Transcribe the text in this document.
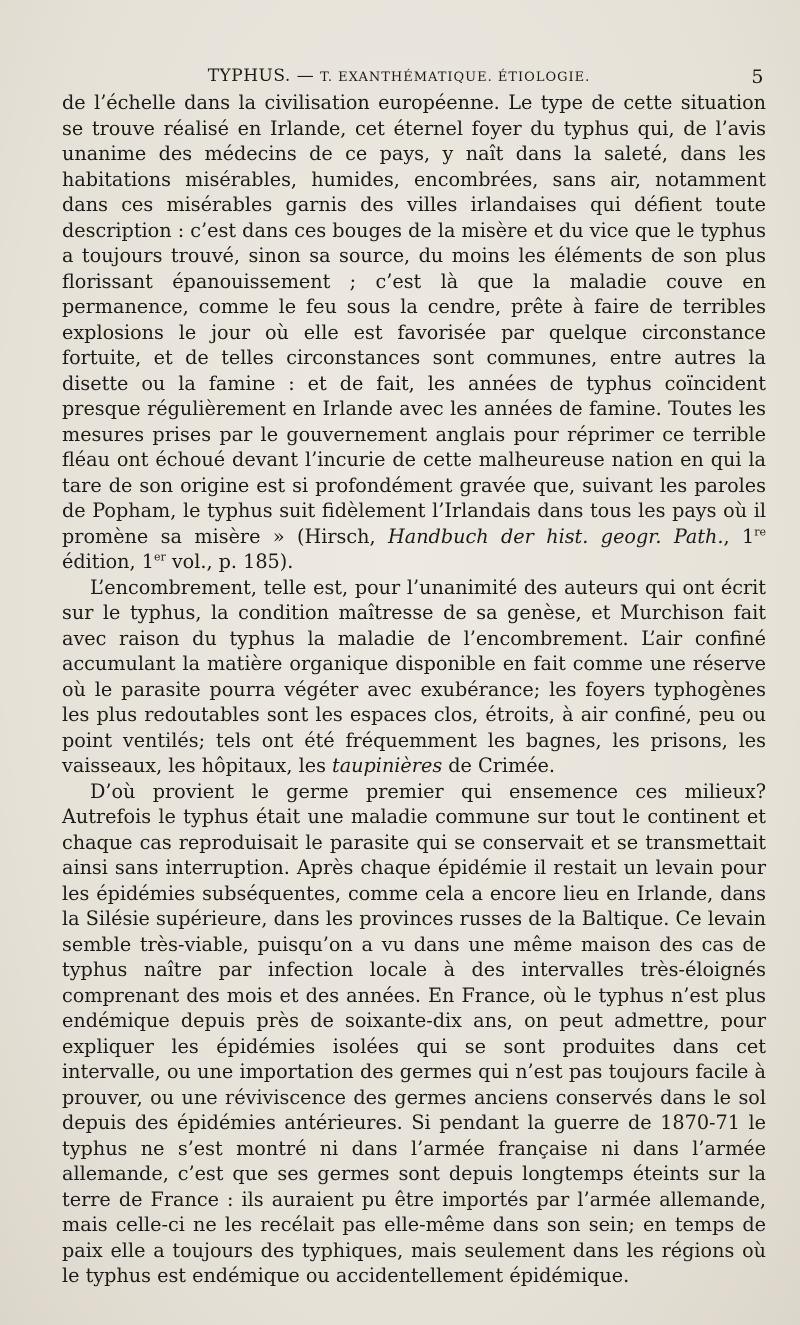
TYPHUS. — T. EXANTHÉMATIQUE. ÉTIOLOGIE.	5

de l’échelle dans la civilisation européenne. Le type de cette situation se trouve réalisé en Irlande, cet éternel foyer du typhus qui, de l’avis unanime des médecins de ce pays, y naît dans la saleté, dans les habitations misérables, humides, encombrées, sans air, notamment dans ces misérables garnis des villes irlandaises qui défient toute description : c’est dans ces bouges de la misère et du vice que le typhus a toujours trouvé, sinon sa source, du moins les éléments de son plus florissant épanouissement ; c’est là que la maladie couve en permanence, comme le feu sous la cendre, prête à faire de terribles explosions le jour où elle est favorisée par quelque circonstance fortuite, et de telles circonstances sont communes, entre autres la disette ou la famine : et de fait, les années de typhus coïncident presque régulièrement en Irlande avec les années de famine. Toutes les mesures prises par le gouvernement anglais pour réprimer ce terrible fléau ont échoué devant l’incurie de cette malheureuse nation en qui la tare de son origine est si profondément gravée que, suivant les paroles de Popham, le typhus suit fidèlement l’Irlandais dans tous les pays où il promène sa misère » (Hirsch, Handbuch der hist. geogr. Path., 1re édition, 1er vol., p. 185).

L’encombrement, telle est, pour l’unanimité des auteurs qui ont écrit sur le typhus, la condition maîtresse de sa genèse, et Murchison fait avec raison du typhus la maladie de l’encombrement. L’air confiné accumulant la matière organique disponible en fait comme une réserve où le parasite pourra végéter avec exubérance; les foyers typhogènes les plus redoutables sont les espaces clos, étroits, à air confiné, peu ou point ventilés; tels ont été fréquemment les bagnes, les prisons, les vaisseaux, les hôpitaux, les taupinières de Crimée.

D’où provient le germe premier qui ensemence ces milieux? Autrefois le typhus était une maladie commune sur tout le continent et chaque cas reproduisait le parasite qui se conservait et se transmettait ainsi sans interruption. Après chaque épidémie il restait un levain pour les épidémies subséquentes, comme cela a encore lieu en Irlande, dans la Silésie supérieure, dans les provinces russes de la Baltique. Ce levain semble très-viable, puisqu’on a vu dans une même maison des cas de typhus naître par infection locale à des intervalles très-éloignés comprenant des mois et des années. En France, où le typhus n’est plus endémique depuis près de soixante-dix ans, on peut admettre, pour expliquer les épidémies isolées qui se sont produites dans cet intervalle, ou une importation des germes qui n’est pas toujours facile à prouver, ou une réviviscence des germes anciens conservés dans le sol depuis des épidémies antérieures. Si pendant la guerre de 1870-71 le typhus ne s’est montré ni dans l’armée française ni dans l’armée allemande, c’est que ses germes sont depuis longtemps éteints sur la terre de France : ils auraient pu être importés par l’armée allemande, mais celle-ci ne les recélait pas elle-même dans son sein; en temps de paix elle a toujours des typhiques, mais seulement dans les régions où le typhus est endémique ou accidentellement épidémique.
